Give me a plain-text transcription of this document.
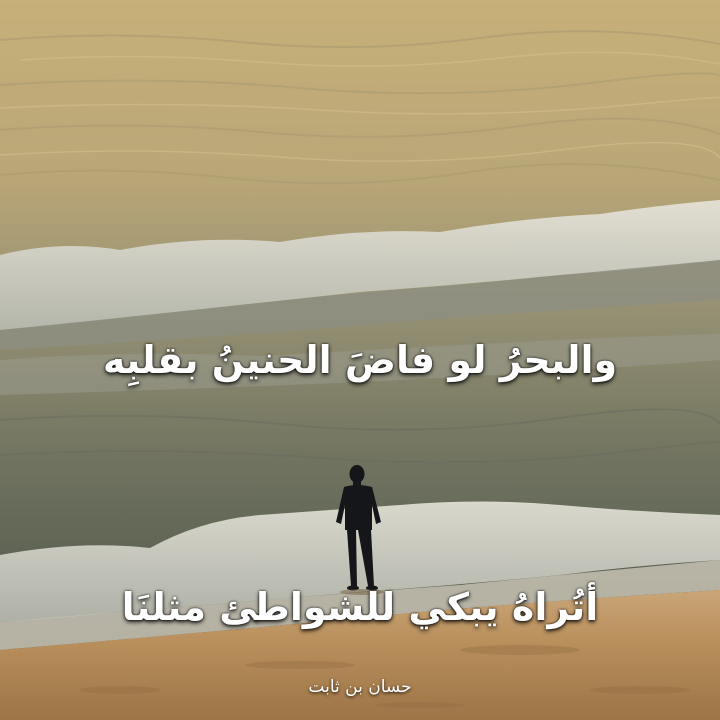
والبحرُ لو فاضَ الحنينُ بقلبِه
أتُراهُ يبكي للشواطئ مثلنَا
حسان بن ثابت
